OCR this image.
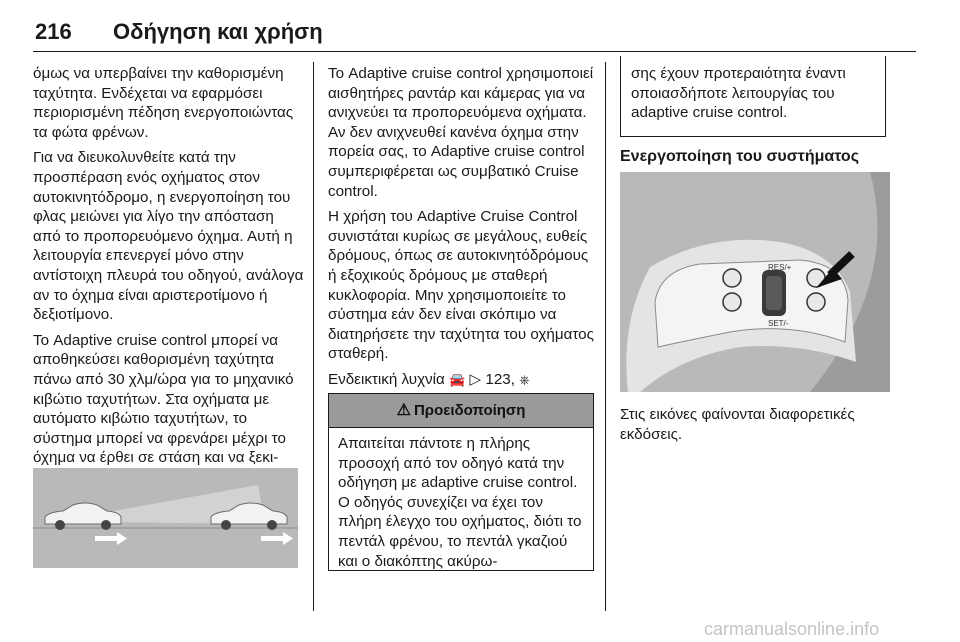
216 Οδήγηση και χρήση

όμως να υπερβαίνει την καθορισμένη ταχύτητα. Ενδέχεται να εφαρμόσει περιορισμένη πέδηση ενεργοποιώντας τα φώτα φρένων.

Για να διευκολυνθείτε κατά την προσπέραση ενός οχήματος στον αυτοκινητόδρομο, η ενεργοποίηση του φλας μειώνει για λίγο την απόσταση από το προπορευόμενο όχημα. Αυτή η λειτουργία επενεργεί μόνο στην αντίστοιχη πλευρά του οδηγού, ανάλογα αν το όχημα είναι αριστεροτίμονο ή δεξιοτίμονο.

Το Adaptive cruise control μπορεί να αποθηκεύσει καθορισμένη ταχύτητα πάνω από 30 χλμ/ώρα για το μηχανικό κιβώτιο ταχυτήτων. Στα οχήματα με αυτόματο κιβώτιο ταχυτήτων, το σύστημα μπορεί να φρενάρει μέχρι το όχημα να έρθει σε στάση και να ξεκι

Το Adaptive cruise control χρησιμοποιεί αισθητήρες ραντάρ και κάμερας για να ανιχνεύει τα προπορευόμενα οχήματα. Αν δεν ανιχνευθεί κανένα όχημα στην πορεία σας, το Adaptive cruise control συμπεριφέρεται ως συμβατικό Cruise control.

Η χρήση του Adaptive Cruise Control συνιστάται κυρίως σε μεγάλους, ευθείς δρόμους, όπως σε αυτοκινητόδρόμους ή εξοχικούς δρόμους με σταθερή κυκλοφορία. Μην χρησιμοποιείτε το σύστημα εάν δεν είναι σκόπιμο να διατηρήσετε την ταχύτητα του οχήματος σταθερή.

Ενδεικτική λυχνία 🚘 ▷ 123, ⎈

⚠ Προειδοποίηση
Απαιτείται πάντοτε η πλήρης προσοχή από τον οδηγό κατά την οδήγηση με adaptive cruise control. Ο οδηγός συνεχίζει να έχει τον πλήρη έλεγχο του οχήματος, διότι το πεντάλ φρένου, το πεντάλ γκαζιού και ο διακόπτης ακύρω-
σης έχουν προτεραιότητα έναντι οποιασδήποτε λειτουργίας του adaptive cruise control.
Ενεργοποίηση του συστήματος
RES/+
SET/-
Στις εικόνες φαίνονται διαφορετικές εκδόσεις.
carmanualsonline.info
